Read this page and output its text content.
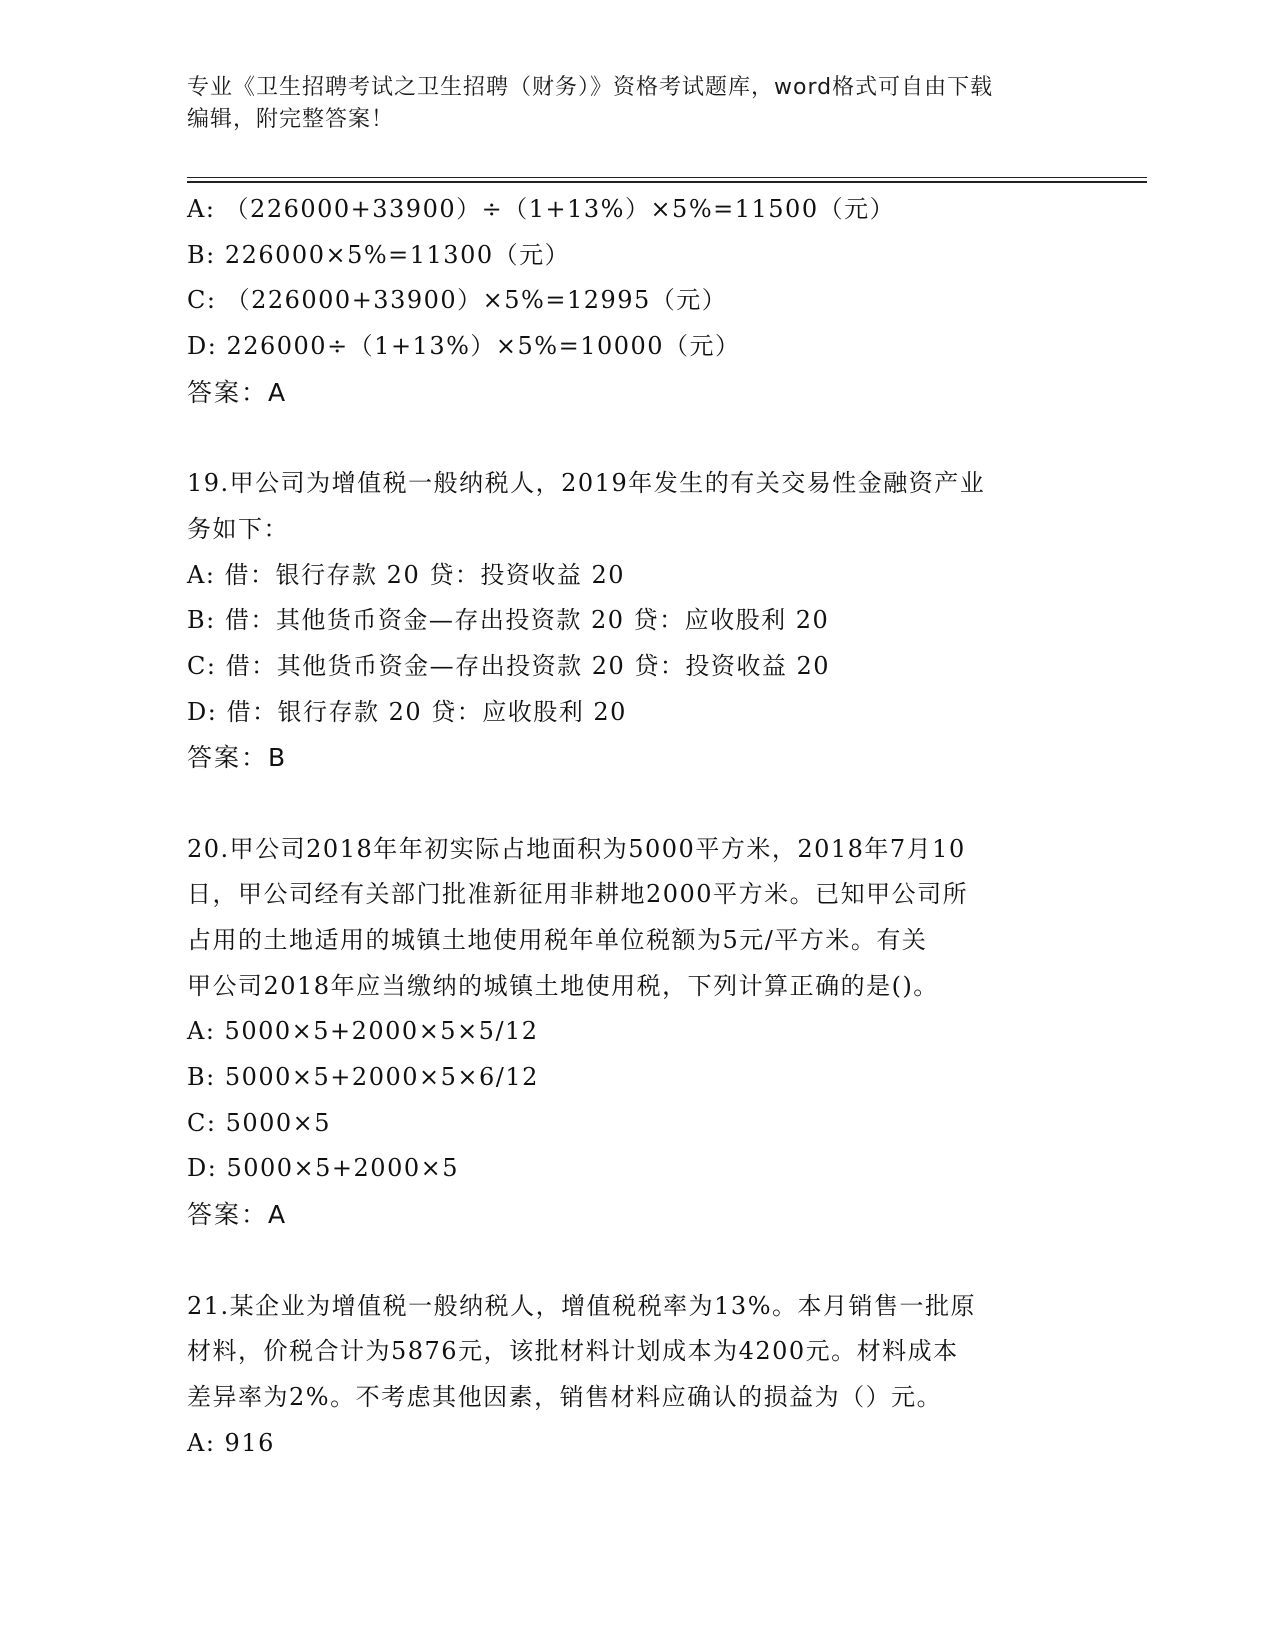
专业《卫生招聘考试之卫生招聘（财务）》资格考试题库，word格式可自由下载
编辑，附完整答案！
A: （226000+33900）÷（1+13%）×5%=11500（元）
B: 226000×5%=11300（元）
C: （226000+33900）×5%=12995（元）
D: 226000÷（1+13%）×5%=10000（元）
答案：A
19.甲公司为增值税一般纳税人，2019年发生的有关交易性金融资产业
务如下：
A: 借：银行存款 20 贷：投资收益 20
B: 借：其他货币资金—存出投资款 20 贷：应收股利 20
C: 借：其他货币资金—存出投资款 20 贷：投资收益 20
D: 借：银行存款 20 贷：应收股利 20
答案：B
20.甲公司2018年年初实际占地面积为5000平方米，2018年7月10
日，甲公司经有关部门批准新征用非耕地2000平方米。已知甲公司所
占用的土地适用的城镇土地使用税年单位税额为5元/平方米。有关
甲公司2018年应当缴纳的城镇土地使用税，下列计算正确的是()。
A: 5000×5+2000×5×5/12
B: 5000×5+2000×5×6/12
C: 5000×5
D: 5000×5+2000×5
答案：A
21.某企业为增值税一般纳税人，增值税税率为13%。本月销售一批原
材料，价税合计为5876元，该批材料计划成本为4200元。材料成本
差异率为2%。不考虑其他因素，销售材料应确认的损益为（）元。
A: 916
